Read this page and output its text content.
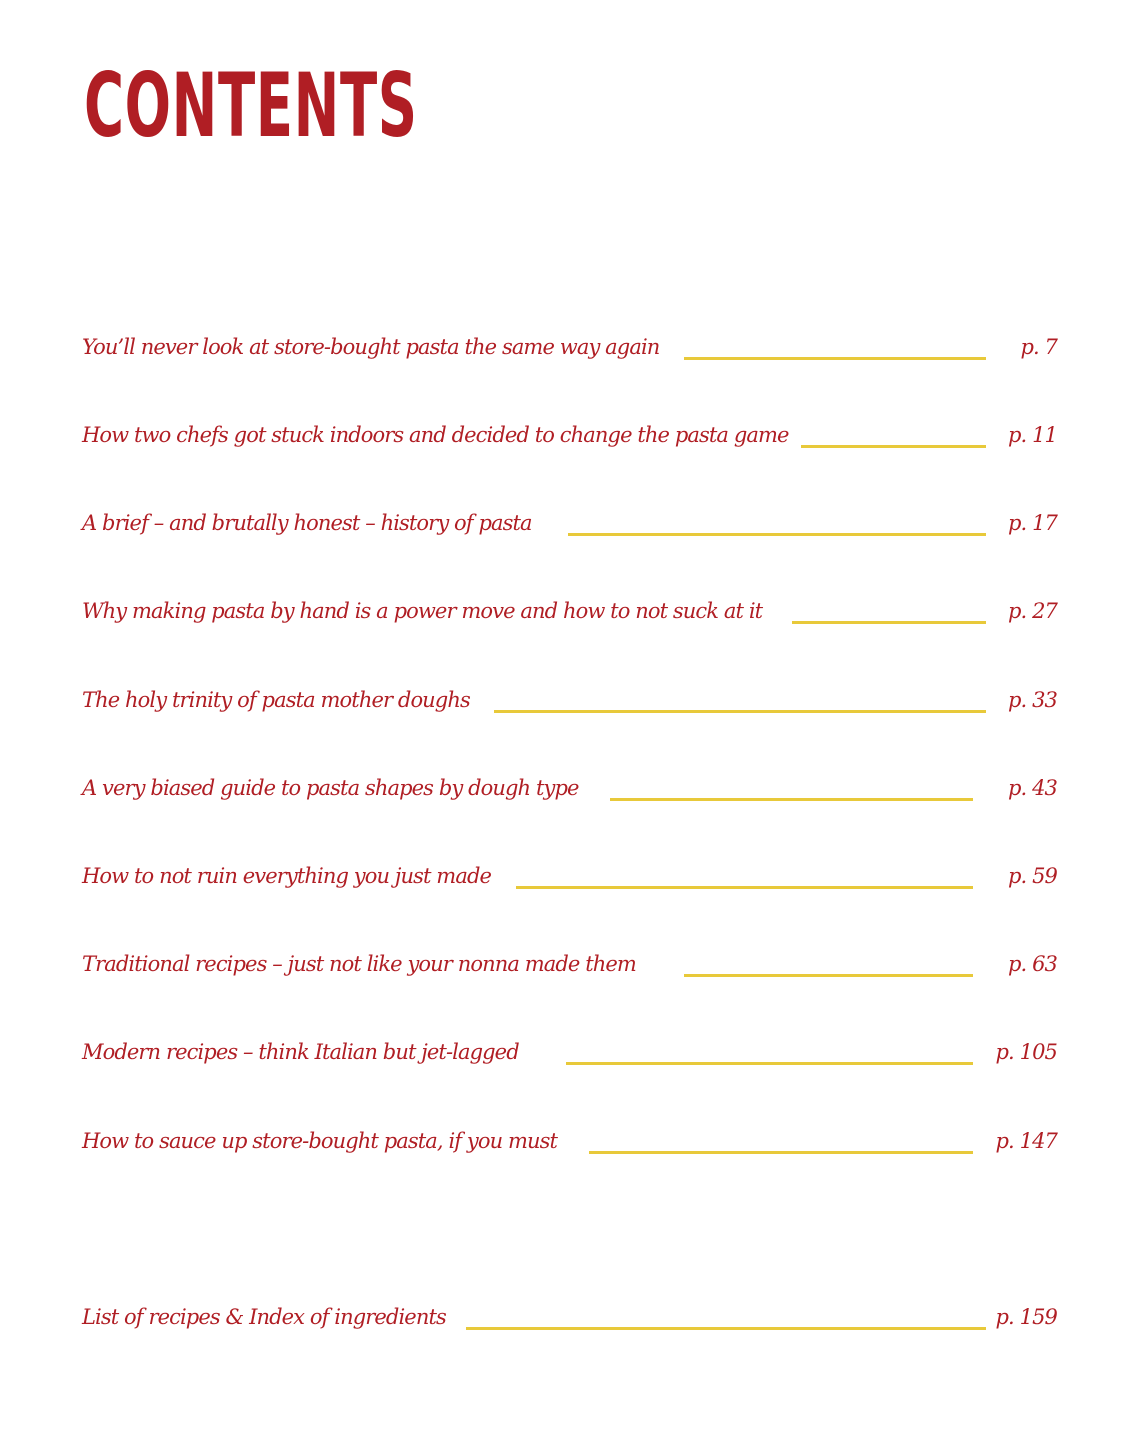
CONTENTS
You’ll never look at store-bought pasta the same way again	p. 7
How two chefs got stuck indoors and decided to change the pasta game	p. 11
A brief – and brutally honest – history of pasta	p. 17
Why making pasta by hand is a power move and how to not suck at it	p. 27
The holy trinity of pasta mother doughs	p. 33
A very biased guide to pasta shapes by dough type	p. 43
How to not ruin everything you just made	p. 59
Traditional recipes – just not like your nonna made them	p. 63
Modern recipes – think Italian but jet-lagged	p. 105
How to sauce up store-bought pasta, if you must	p. 147
List of recipes & Index of ingredients	p. 159
